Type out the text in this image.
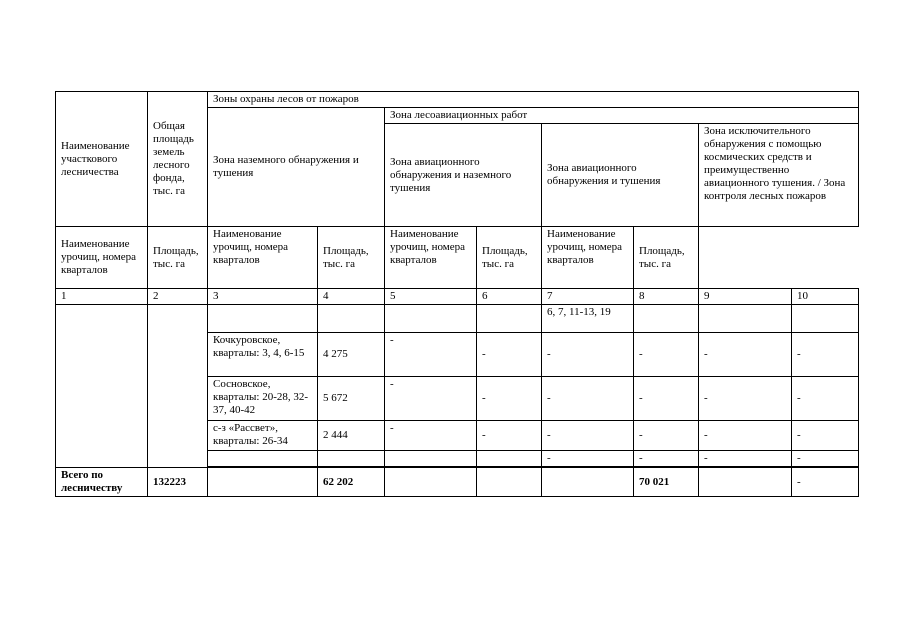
Наименование участкового лесничества	Общая площадь земель лесного фонда, тыс. га	Зоны охраны лесов от пожаров							
		Зона наземного обнаружения и тушения		Зона лесоавиационных работ					
				Зона авиационного обнаружения и наземного тушения		Зона авиационного обнаружения и тушения		Зона исключительного обнаружения с помощью космических средств и преимущественно авиационного тушения. / Зона контроля лесных пожаров	
Наименование урочищ, номера кварталов	Площадь, тыс. га	Наименование урочищ, номера кварталов	Площадь, тыс. га	Наименование урочищ, номера кварталов	Площадь, тыс. га	Наименование урочищ, номера кварталов	Площадь, тыс. га		
1	2	3	4	5	6	7	8	9	10
						6, 7, 11-13, 19			
		Кочкуровское, кварталы: 3, 4, 6-15	4 275	-	-	-	-	-	-
		Сосновское, кварталы: 20-28, 32-37, 40-42	5 672	-	-	-	-	-	-
		с-з «Рассвет», кварталы: 26-34	2 444	-	-	-	-	-	-
						-	-	-	-

Всего по лесничеству	132223		62 202				70 021		-
